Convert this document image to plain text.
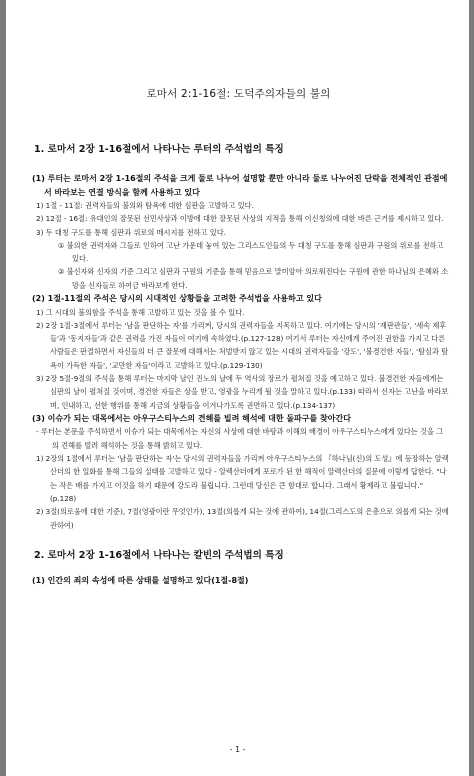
로마서 2:1-16절: 도덕주의자들의 불의
1. 로마서 2장 1-16절에서 나타나는 루터의 주석법의 특징
(1) 루터는 로마서 2장 1-16절의 주석을 크게 둘로 나누어 설명할 뿐만 아니라 둘로 나누어진 단락을 전체적인 관점에서 바라보는 연결 방식을 함께 사용하고 있다

1) 1절 - 11절: 권력자들의 불의와 탐욕에 대한 심판을 고발하고 있다.

2) 12절 - 16절: 유대인의 잘못된 선민사상과 이방에 대한 잘못된 사상의 지적을 통해 이신칭의에 대한 바른 근거를 제시하고 있다.

3) 두 대칭 구도를 통해 심판과 위로의 메시지를 전하고 있다.

① 불의한 권력자와 그들로 인하여 고난 가운데 놓여 있는 그리스도인들의 두 대칭 구도를 통해 심판과 구원의 위로를 전하고 있다.

② 불신자와 신자의 기준 그리고 심판과 구원의 기준을 통해 믿음으로 말미암아 의로워진다는 구원에 관한 하나님의 은혜와 소망을 신자들로 하여금 바라보게 한다.

(2) 1절-11절의 주석은 당시의 시대적인 상황들을 고려한 주석법을 사용하고 있다

1) 그 시대의 불의함을 주석을 통해 고발하고 있는 것을 볼 수 있다.

2) 2장 1절-3절에서 루터는 '남을 판단하는 자'를 가리켜, 당시의 권력자들을 지목하고 있다. 여기에는 당시의 '재판관들', '세속 제후들'과 '동지자들'과 같은 권력을 가진 자들이 여기에 속하였다.(p.127-128) 여기서 루터는 자신에게 주어진 권한을 가지고 다른 사람들은 판결하면서 자신들의 더 큰 잘못에 대해서는 처벌받지 않고 있는 시대의 권력자들을 '강도', '불경건한 자들', '탐심과 탐욕이 가득한 자들', '교만한 자들'이라고 고발하고 있다.(p.129-130)

3) 2장 5절-9절의 주석을 통해 루터는 마지막 날인 진노의 날에 두 역사의 장르가 펼쳐질 것을 예고하고 있다. 불경건한 자들에게는 심판의 날이 펼쳐질 것이며, 경건한 자들은 상을 받고, 영광을 누리게 될 것을 말하고 있다.(p.133) 따라서 신자는 고난을 바라보며, 인내하고, 선한 행위를 통해 지금의 상황들을 이겨나가도록 권면하고 있다.(p.134-137)

(3) 이슈가 되는 대목에서는 아우구스티누스의 견해를 빌려 해석에 대한 돌파구를 찾아간다

- 루터는 본문을 주석하면서 이슈가 되는 대목에서는 자신의 사상에 대한 바탕과 이해의 배경이 아우구스티누스에게 있다는 것을 그의 견해를 빌려 해석하는 것을 통해 밝히고 있다.

1) 2장의 1절에서 루터는 '남을 판단하는 자'는 당시의 권력자들을 가리켜 아우구스티누스의 『하나님(신)의 도성』에 등장하는 알렉산더의 한 일화를 통해 그들의 실태를 고발하고 있다 - 알렉산더에게 포로가 된 한 해적이 알렉산더의 질문에 이렇게 답한다. "나는 작은 배를 가지고 이것을 하기 때문에 강도라 불립니다. 그런데 당신은 큰 함대로 합니다. 그래서 황제라고 불립니다."(p.128)

2) 3절(의로움에 대한 기준), 7절(영광이란 무엇인가), 13절(의롭게 되는 것에 관하여), 14절(그리스도의 은총으로 의롭게 되는 것에 관하여)

2. 로마서 2장 1-16절에서 나타나는 칼빈의 주석법의 특징
(1) 인간의 죄의 속성에 따른 상태를 설명하고 있다(1절-8절)
- 1 -
